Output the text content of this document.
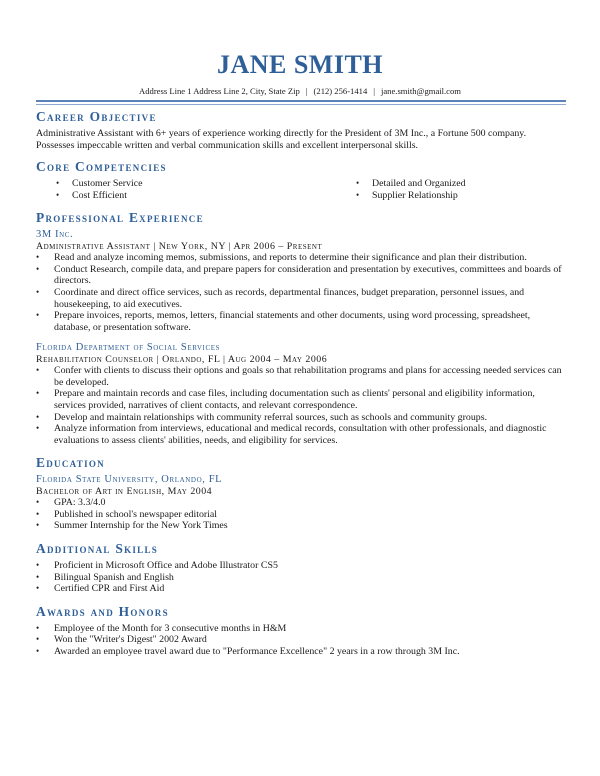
JANE SMITH
Address Line 1 Address Line 2, City, State Zip | (212) 256-1414 | jane.smith@gmail.com
Career Objective

Administrative Assistant with 6+ years of experience working directly for the President of 3M Inc., a Fortune 500 company. Possesses impeccable written and verbal communication skills and excellent interpersonal skills.

Core Competencies
• Customer Service	• Detailed and Organized
• Cost Efficient	• Supplier Relationship
Professional Experience

3M Inc.

Administrative Assistant | New York, NY | Apr 2006 – Present

•	Read and analyze incoming memos, submissions, and reports to determine their significance and plan their distribution.
•	Conduct Research, compile data, and prepare papers for consideration and presentation by executives, committees and boards of directors.
•	Coordinate and direct office services, such as records, departmental finances, budget preparation, personnel issues, and housekeeping, to aid executives.
•	Prepare invoices, reports, memos, letters, financial statements and other documents, using word processing, spreadsheet, database, or presentation software.

Florida Department of Social Services

Rehabilitation Counselor | Orlando, FL | Aug 2004 – May 2006

•	Confer with clients to discuss their options and goals so that rehabilitation programs and plans for accessing needed services can be developed.
•	Prepare and maintain records and case files, including documentation such as clients' personal and eligibility information, services provided, narratives of client contacts, and relevant correspondence.
•	Develop and maintain relationships with community referral sources, such as schools and community groups.
•	Analyze information from interviews, educational and medical records, consultation with other professionals, and diagnostic evaluations to assess clients' abilities, needs, and eligibility for services.
Education

Florida State University, Orlando, FL

Bachelor of Art in English, May 2004

•	GPA: 3.3/4.0
•	Published in school's newspaper editorial
•	Summer Internship for the New York Times
Additional Skills
•	Proficient in Microsoft Office and Adobe Illustrator CS5
•	Bilingual Spanish and English
•	Certified CPR and First Aid
Awards and Honors
•	Employee of the Month for 3 consecutive months in H&M
•	Won the "Writer's Digest" 2002 Award
•	Awarded an employee travel award due to "Performance Excellence" 2 years in a row through 3M Inc.
